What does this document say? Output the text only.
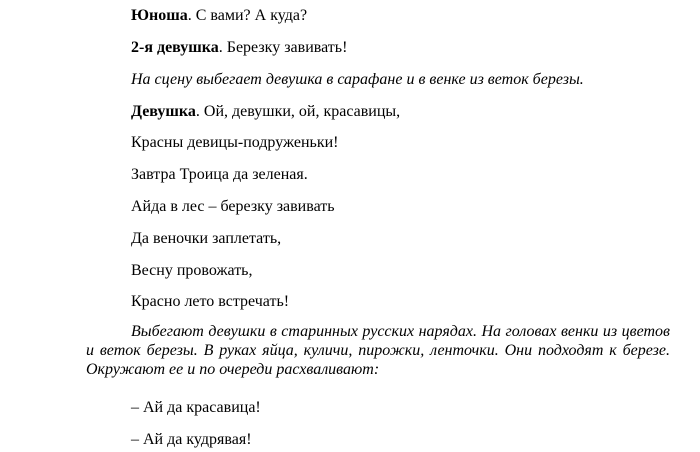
Юноша. С вами? А куда?
2-я девушка. Березку завивать!
На сцену выбегает девушка в сарафане и в венке из веток березы.
Девушка. Ой, девушки, ой, красавицы,
Красны девицы-подруженьки!
Завтра Троица да зеленая.
Айда в лес – березку завивать
Да веночки заплетать,
Весну провожать,
Красно лето встречать!
Выбегают девушки в старинных русских нарядах. На головах венки из цветов и веток березы. В руках яйца, куличи, пирожки, ленточки. Они подходят к березе. Окружают ее и по очереди расхваливают:
– Ай да красавица!
– Ай да кудрявая!
